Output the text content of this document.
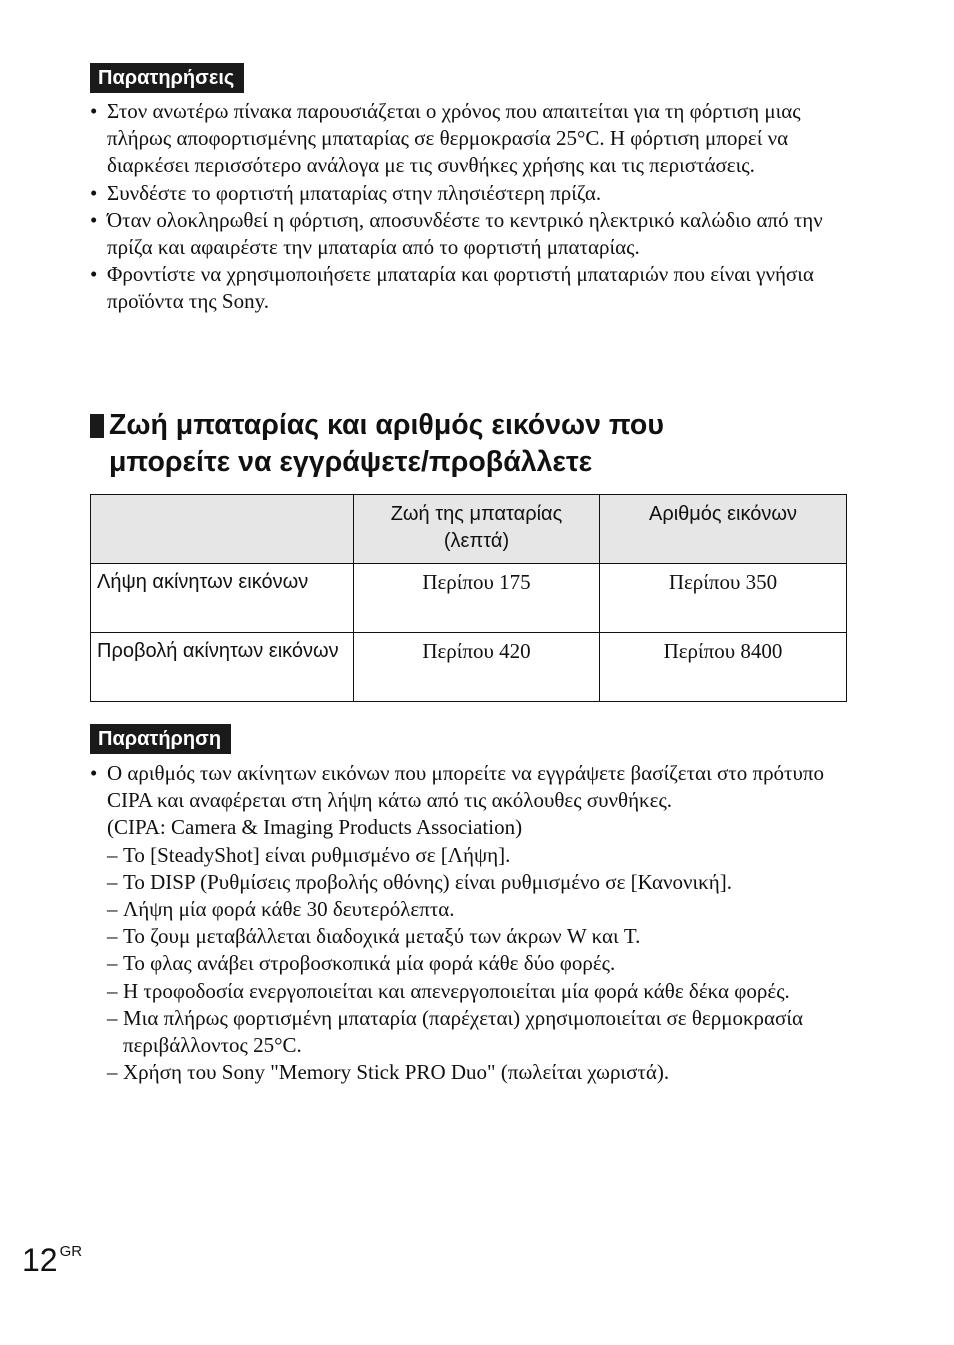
Παρατηρήσεις
• Στον ανωτέρω πίνακα παρουσιάζεται ο χρόνος που απαιτείται για τη φόρτιση μιας πλήρως αποφορτισμένης μπαταρίας σε θερμοκρασία 25°C. Η φόρτιση μπορεί να διαρκέσει περισσότερο ανάλογα με τις συνθήκες χρήσης και τις περιστάσεις.
• Συνδέστε το φορτιστή μπαταρίας στην πλησιέστερη πρίζα.
• Όταν ολοκληρωθεί η φόρτιση, αποσυνδέστε το κεντρικό ηλεκτρικό καλώδιο από την πρίζα και αφαιρέστε την μπαταρία από το φορτιστή μπαταρίας.
• Φροντίστε να χρησιμοποιήσετε μπαταρία και φορτιστή μπαταριών που είναι γνήσια προϊόντα της Sony.
Ζωή μπαταρίας και αριθμός εικόνων που
μπορείτε να εγγράψετε/προβάλλετε
	Ζωή της μπαταρίας (λεπτά)	Αριθμός εικόνων
Λήψη ακίνητων εικόνων	Περίπου 175	Περίπου 350
Προβολή ακίνητων εικόνων	Περίπου 420	Περίπου 8400
Παρατήρηση
• Ο αριθμός των ακίνητων εικόνων που μπορείτε να εγγράψετε βασίζεται στο πρότυπο CIPA και αναφέρεται στη λήψη κάτω από τις ακόλουθες συνθήκες.
(CIPA: Camera & Imaging Products Association)
– Το [SteadyShot] είναι ρυθμισμένο σε [Λήψη].
– Το DISP (Ρυθμίσεις προβολής οθόνης) είναι ρυθμισμένο σε [Κανονική].
– Λήψη μία φορά κάθε 30 δευτερόλεπτα.
– Το ζουμ μεταβάλλεται διαδοχικά μεταξύ των άκρων W και T.
– Το φλας ανάβει στροβοσκοπικά μία φορά κάθε δύο φορές.
– Η τροφοδοσία ενεργοποιείται και απενεργοποιείται μία φορά κάθε δέκα φορές.
– Μια πλήρως φορτισμένη μπαταρία (παρέχεται) χρησιμοποιείται σε θερμοκρασία περιβάλλοντος 25°C.
– Χρήση του Sony "Memory Stick PRO Duo" (πωλείται χωριστά).
12 $^{GR}$
